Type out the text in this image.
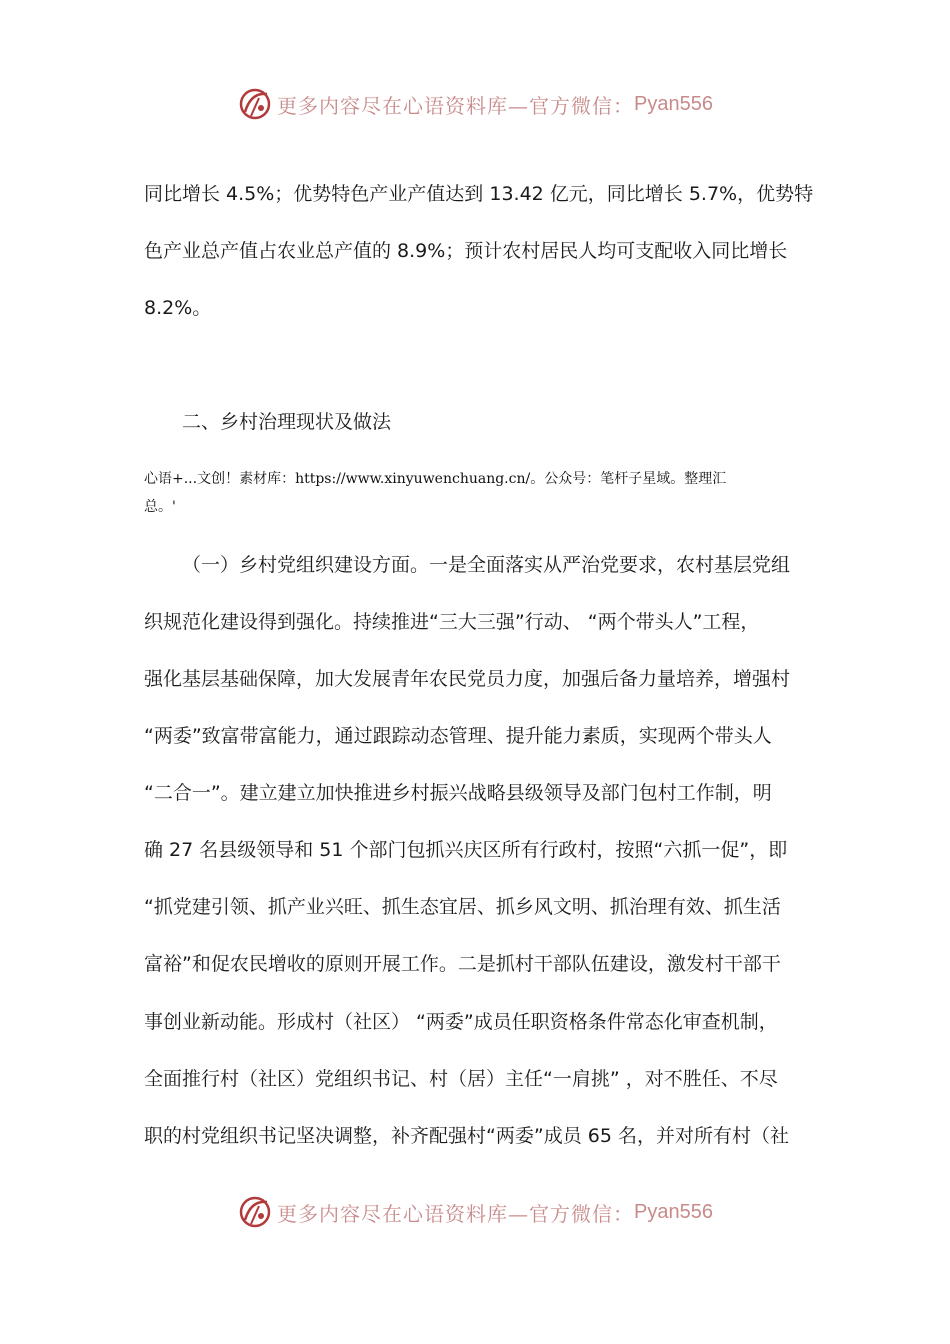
更多内容尽在心语资料库—官方微信： Pyan556
同比增长 4.5%；优势特色产业产值达到 13.42 亿元，同比增长 5.7%，优势特
色产业总产值占农业总产值的 8.9%；预计农村居民人均可支配收入同比增长
8.2%。
二、乡村治理现状及做法
心语+...文创！素材库：https://www.xinyuwenchuang.cn/。公众号：笔杆子星域。整理汇
总。'
（一）乡村党组织建设方面。一是全面落实从严治党要求，农村基层党组
织规范化建设得到强化。持续推进“三大三强”行动、 “两个带头人”工程，
强化基层基础保障，加大发展青年农民党员力度，加强后备力量培养，增强村
“两委”致富带富能力，通过跟踪动态管理、提升能力素质，实现两个带头人
“二合一”。建立建立加快推进乡村振兴战略县级领导及部门包村工作制，明
确 27 名县级领导和 51 个部门包抓兴庆区所有行政村，按照“六抓一促”，即
“抓党建引领、抓产业兴旺、抓生态宜居、抓乡风文明、抓治理有效、抓生活
富裕”和促农民增收的原则开展工作。二是抓村干部队伍建设，激发村干部干
事创业新动能。形成村（社区） “两委”成员任职资格条件常态化审查机制，
全面推行村（社区）党组织书记、村（居）主任“一肩挑” ，对不胜任、不尽
职的村党组织书记坚决调整，补齐配强村“两委”成员 65 名，并对所有村（社
更多内容尽在心语资料库—官方微信： Pyan556
